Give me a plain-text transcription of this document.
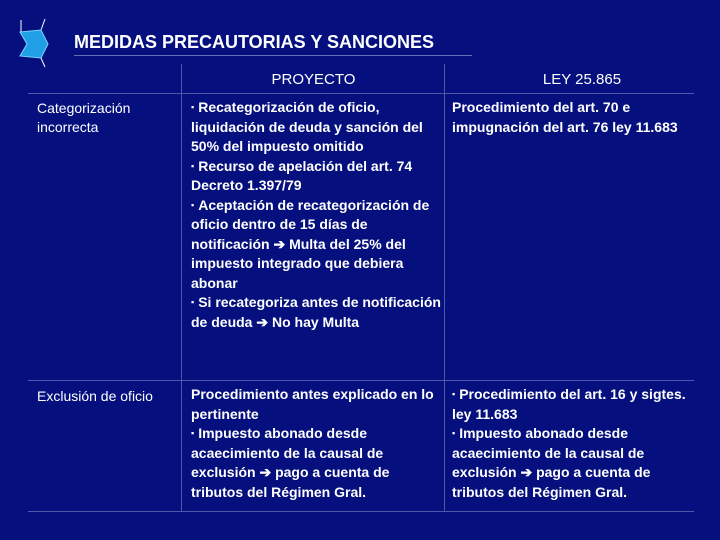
MEDIDAS PRECAUTORIAS Y SANCIONES
PROYECTO	LEY 25.865
Categorización incorrecta
▪ Recategorización de oficio, liquidación de deuda y sanción del 50% del impuesto omitido
▪ Recurso de apelación del art. 74 Decreto 1.397/79
▪ Aceptación de recategorización de oficio dentro de 15 días de notificación ➔ Multa del 25% del impuesto integrado que debiera abonar
▪ Si recategoriza antes de notificación de deuda ➔ No hay Multa
Procedimiento del art. 70 e impugnación del art. 76 ley 11.683
Exclusión de oficio	Procedimiento antes explicado en lo pertinente
▪ Impuesto abonado desde acaecimiento de la causal de exclusión ➔ pago a cuenta de tributos del Régimen Gral.
▪ Procedimiento del art. 16 y sigtes. ley 11.683
▪ Impuesto abonado desde acaecimiento de la causal de exclusión ➔ pago a cuenta de tributos del Régimen Gral.
